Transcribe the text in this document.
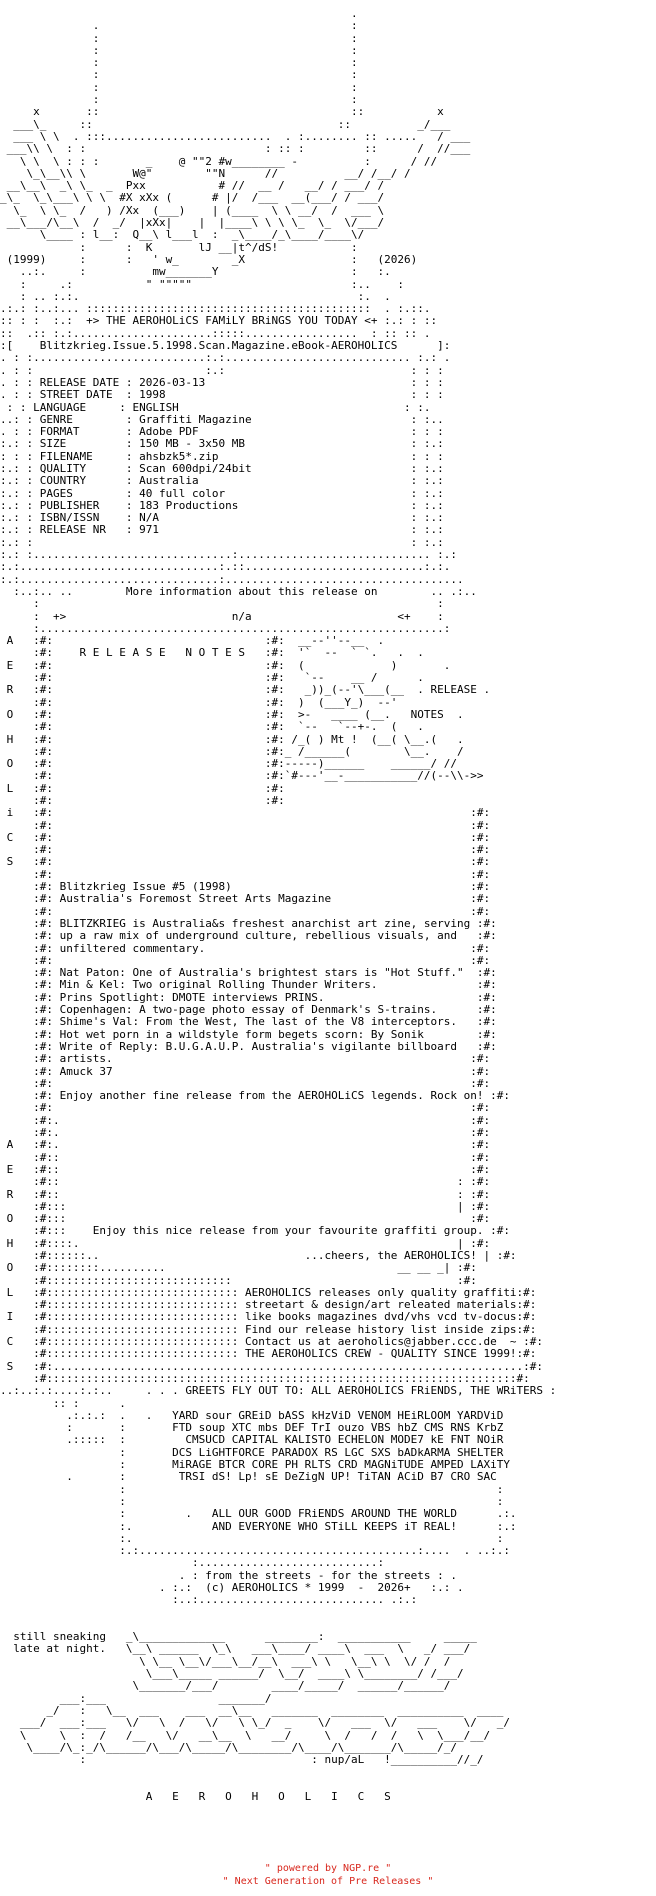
.
.                                      :
:                                      :
:                                      :
:                                      :
:                                      :
:                                      :
:                                      :
x       ::                                      ::           x
___\_     ::                                     ::          _/___
___ \ \  . :::.........................  . :........ :: .....   / ___
___\\ \  : :                           : :: :         ::      /  //___
\ \  \ : : :       _    @ ""2 #w________ -          :      / //
\_\__\\ \       W@"        ""N      //          __/ /__/ /
__\__\  _\ \_  _  Pxx           # //  __ /   __/ / ___/ /
_\_  \_\___\ \ \  #X xXx (      # |/  /___  __(___/ / ___/
\_  \ \_  /   ) /Xx  (___)    | (____  \ \ __/  /  ___ \
__\___/\__\  /  _/  |xXx|    |  |____\ \ \ \_  \_  \/___/
\____ : l__:  Q__\ l___l  :  _\____/_\____/____\/
:      :  K       lJ __|t^/dS!           :
(1999)     :      :   ' w_        _X                :   (2026)
..:.     :          mw_______Y                    :   :.
:     .:           " """""                        :..    :
: .. :.:.                                          :.  .
.:.: :..:... :::::::::::::::::::::::::::::::::::::::::::  . :.::.
:: : :  :.:  +> THE AEROHOLiCS FAMiLY BRiNGS YOU TODAY <+ :.: : ::
::  .:: :.:.....................:::::.................  : :: :: .
:[    Blitzkrieg.Issue.5.1998.Scan.Magazine.eBook-AEROHOLICS      ]:
. : :..........................:.:............................ :.: .
. : :                          :.:                            : : :
. : : RELEASE DATE : 2026-03-13                               : : :
. : : STREET DATE  : 1998                                     : : :
: : LANGUAGE     : ENGLISH                                  : :.
..: : GENRE        : Graffiti Magazine                        : :..
. : : FORMAT       : Adobe PDF                                : : :
:.: : SIZE         : 150 MB - 3x50 MB                         : :.:
: : : FILENAME     : ahsbzk5*.zip                             : : :
:.: : QUALITY      : Scan 600dpi/24bit                        : :.:
:.: : COUNTRY      : Australia                                : :.:
:.: : PAGES        : 40 full color                            : :.:
:.: : PUBLISHER    : 183 Productions                          : :.:
:.: : ISBN/ISSN    : N/A                                      : :.:
:.: : RELEASE NR   : 971                                      : :.:
:.: :                                                         : :.:
:.: :..............................:............................. :.:
:.:..............................:.::...........................:.:.
:.:..............................:....................................
:..:.. ..        More information about this release on        .. .:..
:                                                            :
:  +>                         n/a                      <+    :
:.............................................................:
A   :#:                                :#:  __--''--__  .
:#:    R E L E A S E   N O T E S   :#:  '`  --  ` `.   .  .
E   :#:                                :#:  (             )       .
:#:                                :#:   `--    __ /      .
R   :#:                                :#:   _))_(--'\___(__  . RELEASE .
:#:                                :#:  )  (___Y_)  --'
O   :#:                                :#:  >-   ____ (__.   NOTES  .
:#:                                :#:  `--   `--+-.  (   .
H   :#:                                :#: /_( ) Mt !  (__( \__.(   .
:#:                                :#:_ /______(        \__.    /
O   :#:                                :#:-----)______    ______/ //
:#:                                :#:`#---'__-___________//(--\\->>
L   :#:                                :#:
:#:                                :#:
i   :#:                                                               :#:
:#:                                                               :#:
C   :#:                                                               :#:
:#:                                                               :#:
S   :#:                                                               :#:
:#:                                                               :#:
:#: Blitzkrieg Issue #5 (1998)                                    :#:
:#: Australia's Foremost Street Arts Magazine                     :#:
:#:                                                               :#:
:#: BLITZKRIEG is Australia&s freshest anarchist art zine, serving :#:
:#: up a raw mix of underground culture, rebellious visuals, and   :#:
:#: unfiltered commentary.                                        :#:
:#:                                                               :#:
:#: Nat Paton: One of Australia's brightest stars is "Hot Stuff."  :#:
:#: Min & Kel: Two original Rolling Thunder Writers.               :#:
:#: Prins Spotlight: DMOTE interviews PRINS.                       :#:
:#: Copenhagen: A two-page photo essay of Denmark's S-trains.      :#:
:#: Shime's Val: From the West, The last of the V8 interceptors.   :#:
:#: Hot wet porn in a wildstyle form begets scorn: By Sonik        :#:
:#: Write of Reply: B.U.G.A.U.P. Australia's vigilante billboard   :#:
:#: artists.                                                      :#:
:#: Amuck 37                                                      :#:
:#:                                                               :#:
:#: Enjoy another fine release from the AEROHOLiCS legends. Rock on! :#:
:#:                                                               :#:
:#:.                                                              :#:
:#:.                                                              :#:
A   :#:.                                                              :#:
:#::                                                              :#:
E   :#::                                                              :#:
:#::                                                            : :#:
R   :#::                                                            : :#:
:#:::                                                           | :#:
O   :#:::                                                             :#:
:#:::    Enjoy this nice release from your favourite graffiti group. :#:
H   :#::::.                                                         | :#:
:#::::::..                               ...cheers, the AEROHOLICS! | :#:
O   :#::::::::..........                                   __ __ _| :#:
:#::::::::::::::::::::::::::::                                  :#:
L   :#::::::::::::::::::::::::::::: AEROHOLICS releases only quality graffiti:#:
:#::::::::::::::::::::::::::::: streetart & design/art releated materials:#:
I   :#::::::::::::::::::::::::::::: like books magazines dvd/vhs vcd tv-docus:#:
:#::::::::::::::::::::::::::::: Find our release history list inside zips:#:
C   :#::::::::::::::::::::::::::::: Contact us at aeroholics@jabber.ccc.de  ~ :#:
:#::::::::::::::::::::::::::::: THE AEROHOLICS CREW - QUALITY SINCE 1999!:#:
S   :#:.......................................................................:#:
:#:::::::::::::::::::::::::::::::::::::::::::::::::::::::::::::::::::::::#:
..:..:.:....:.:..     . . . GREETS FLY OUT TO: ALL AEROHOLICS FRiENDS, THE WRiTERS :
:: :      .
.:.:.:  .   .   YARD sour GREiD bASS kHzViD VENOM HEiRLOOM YARDViD
:       :       FTD soup XTC mbs DEF TrI ouzo VBS hbZ CMS RNS KrbZ
.:::::  :         CMSUCD CAPITAL KALISTO ECHELON MODE7 kE FNT NOiR
:       DCS LiGHTFORCE PARADOX RS LGC SXS bADkARMA SHELTER
:       MiRAGE BTCR CORE PH RLTS CRD MAGNiTUDE AMPED LAXiTY
.       :        TRSI dS! Lp! sE DeZigN UP! TiTAN ACiD B7 CRO SAC
:                                                        :
:                                                        :
:         .   ALL OUR GOOD FRiENDS AROUND THE WORLD      .:.
:.            AND EVERYONE WHO STiLL KEEPS iT REAL!      :.:
:.                                                       :
:.:..........................................:....  . ..:.:
:...........................:
. : from the streets - for the streets : .
. :.:  (c) AEROHOLICS * 1999  -  2026+   :.: .
:..:............................ .:.:

still sneaking   _\_____________      ________:  ___________     _____
late at night.   \__\ ______  \_\   ___\____/ ____\  ___  \   _/ ___/
\ \__ \__\/___\__/__\  ___\ \   \__\ \  \/ /  /
\___\_____ ______/  \__/  ____\ \________/ /___/
\_______/___/        ____/_____/  ______/______/
___:___                 _______/
_/   :   \__  ___    ___  __\__   _______  ________  __________  ____
___/  ___:___   \/   \  /   \/   \ \_/  _    \/   ___  \/   ___    \/   _/
\     \  :  /   /__   \/   __\__  \   __/     \  /   /  /   \  \___/__/
\____/\_:_/\______/\___/\_____/\________/\____/\_______/\_____/_/
:                                  : nup/aL   !__________//_/

A   E   R   O   H   O   L   I   C   S
" powered by NGP.re "
" Next Generation of Pre Releases "
